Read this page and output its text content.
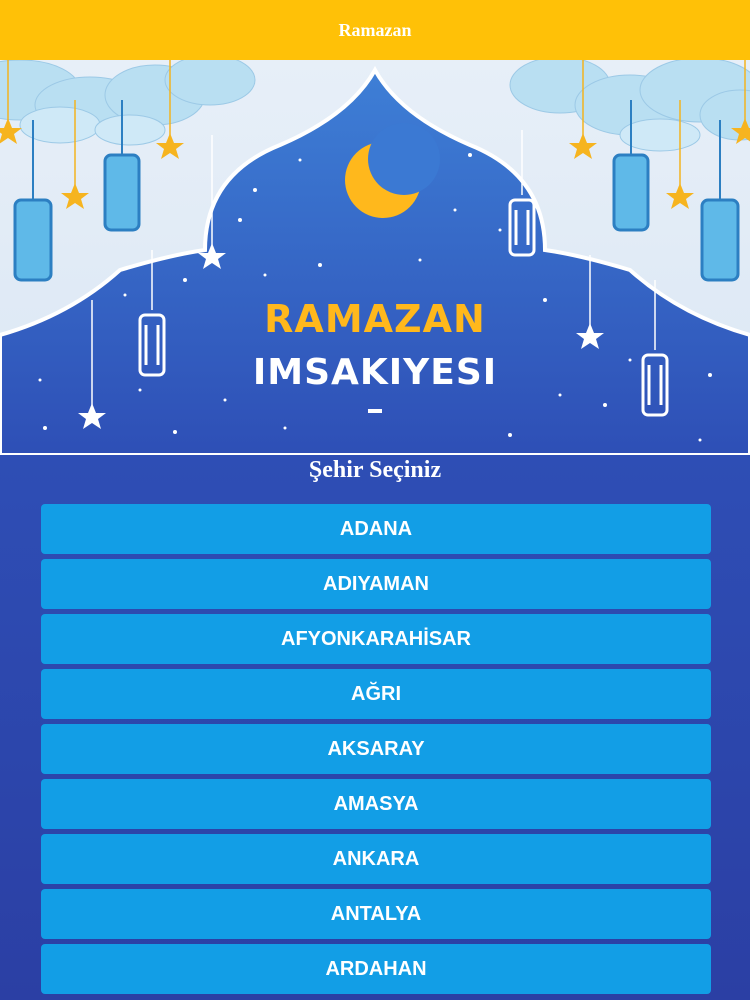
Ramazan
RAMAZAN
IMSAKIYESI
Şehir Seçiniz
ADANA
ADIYAMAN
AFYONKARAHİSAR
AĞRI
AKSARAY
AMASYA
ANKARA
ANTALYA
ARDAHAN
